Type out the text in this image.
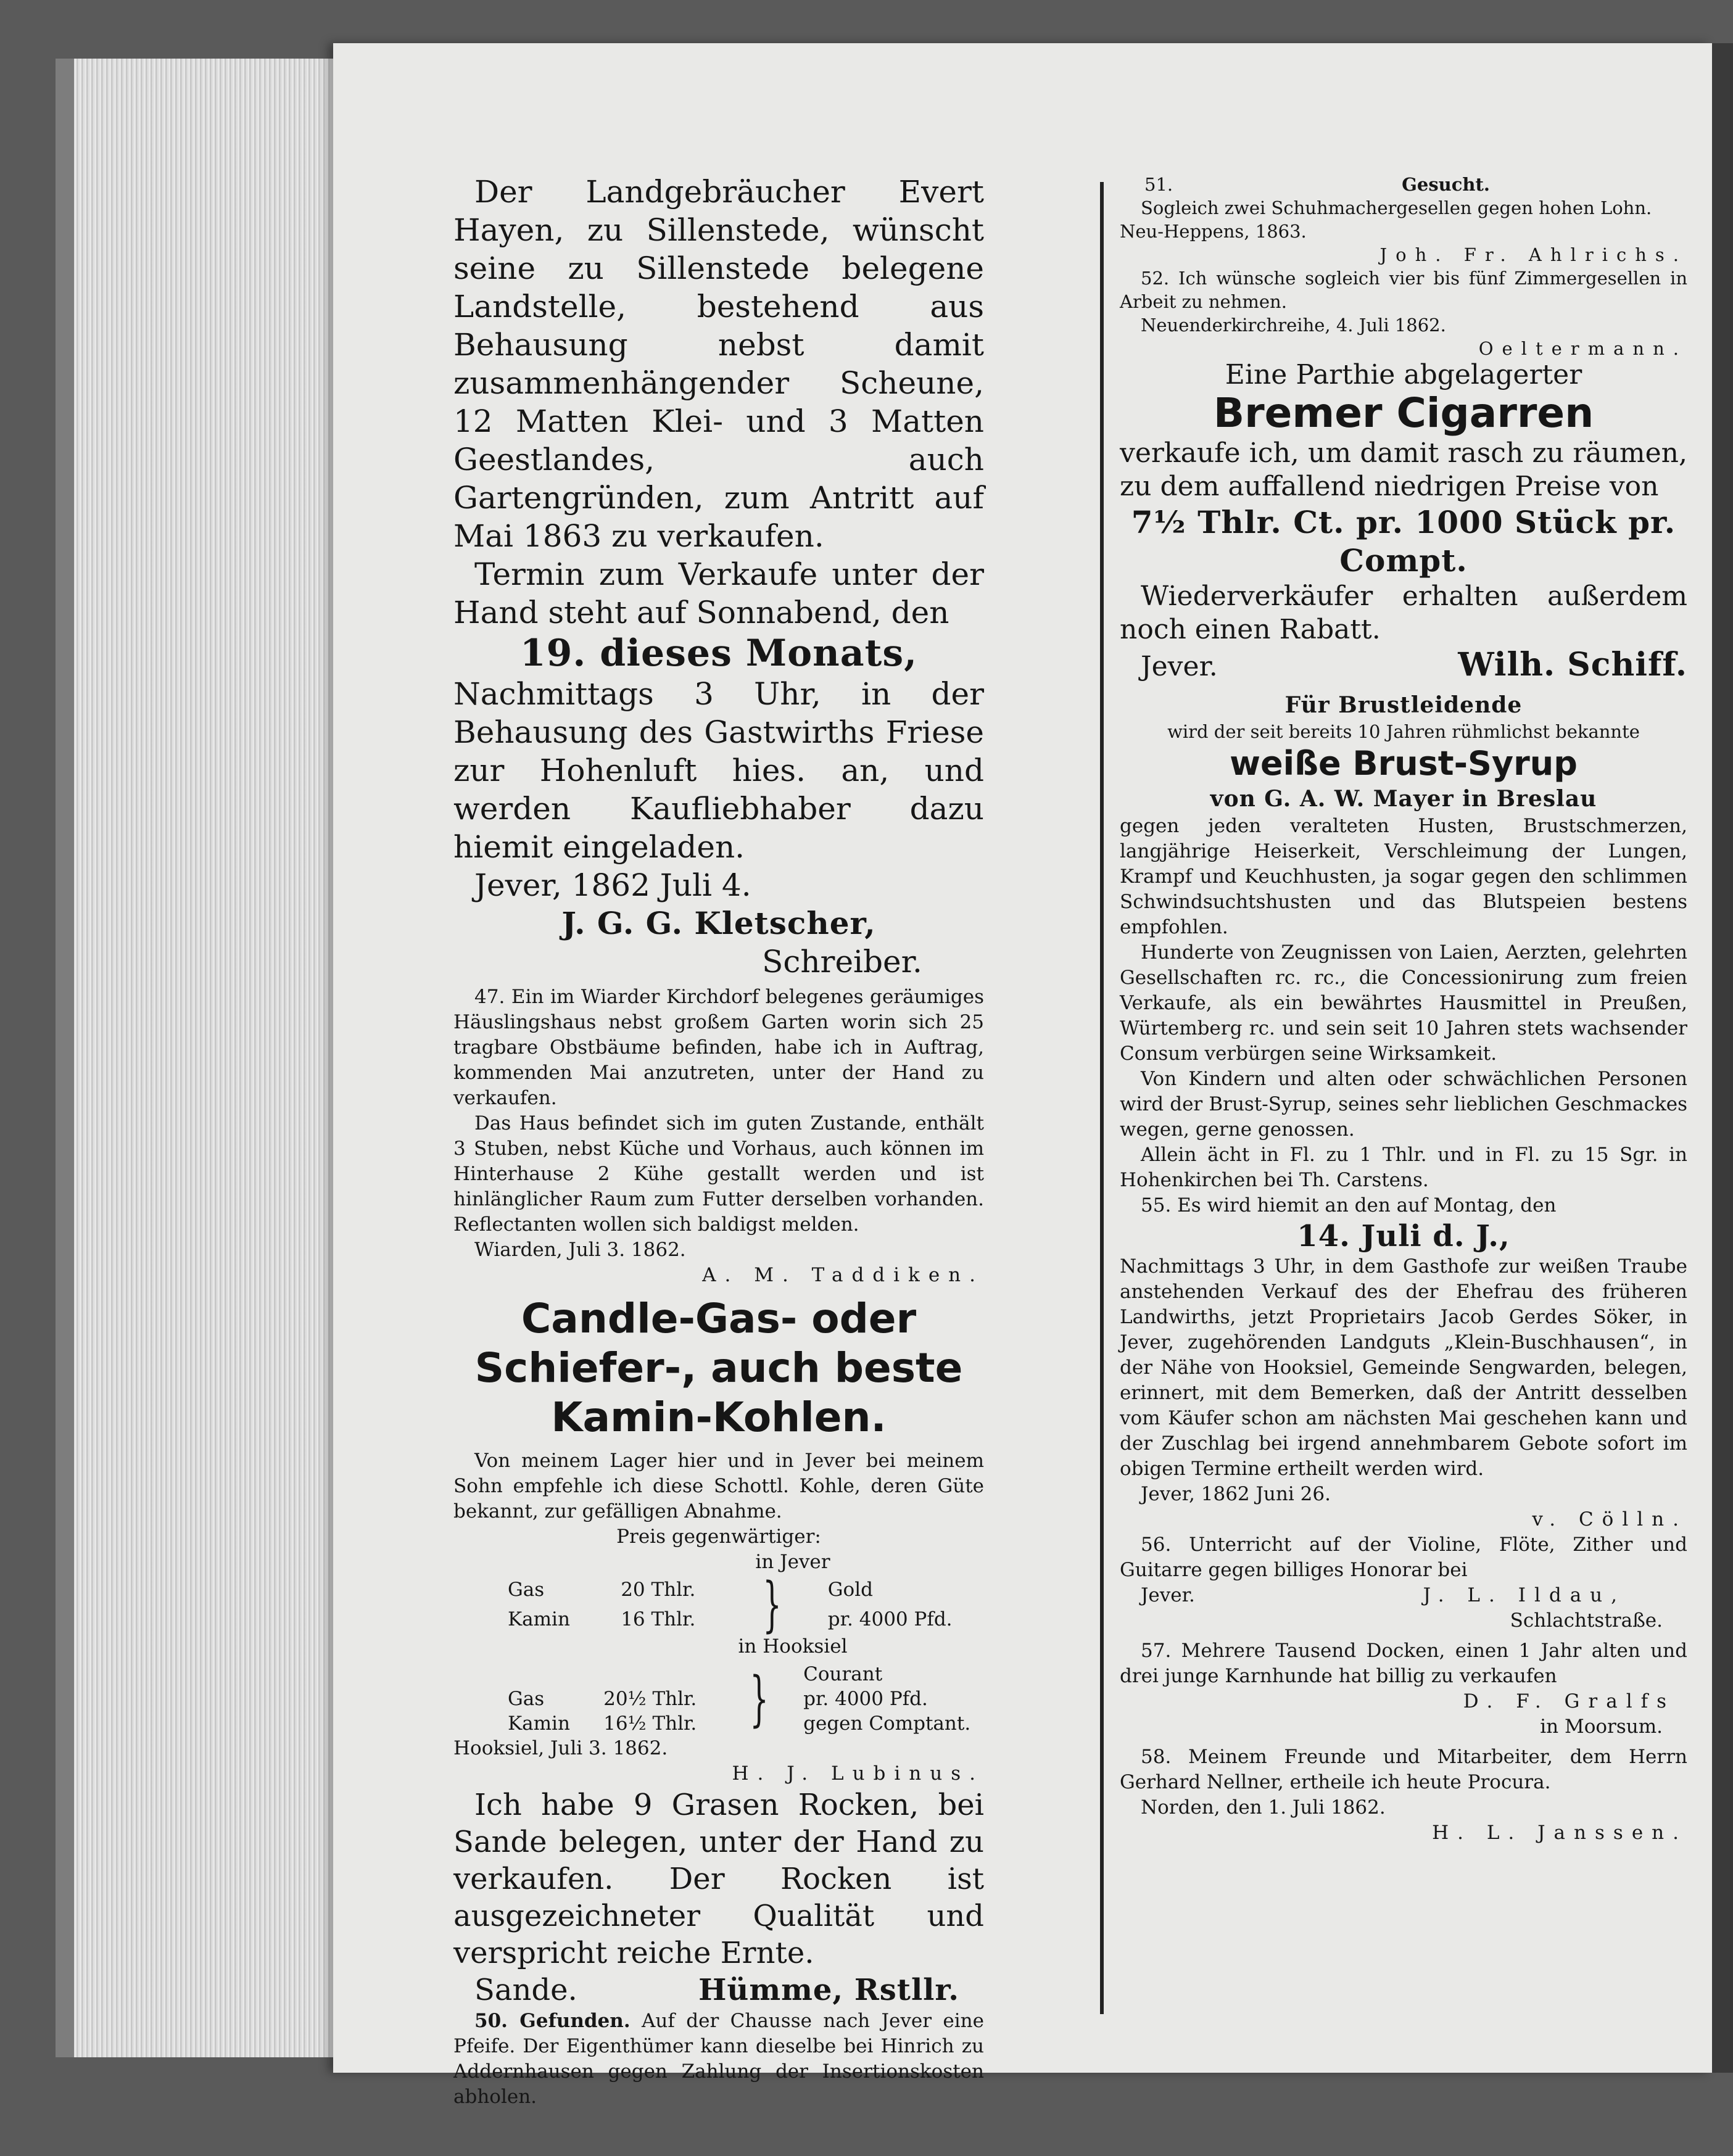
Der Landgebräucher Evert Hayen, zu Sillenstede, wünscht seine zu Sillenstede belegene Landstelle, bestehend aus Behausung nebst damit zusammenhängender Scheune, 12 Matten Klei- und 3 Matten Geestlandes, auch Gartengründen, zum Antritt auf Mai 1863 zu verkaufen.

Termin zum Verkaufe unter der Hand steht auf Sonnabend, den

19. dieses Monats,

Nachmittags 3 Uhr, in der Behausung des Gastwirths Friese zur Hohenluft hies. an, und werden Kaufliebhaber dazu hiemit eingeladen.

Jever, 1862 Juli 4.

J. G. G. Kletscher,

Schreiber.

47. Ein im Wiarder Kirchdorf belegenes geräumiges Häuslingshaus nebst großem Garten worin sich 25 tragbare Obstbäume befinden, habe ich in Auftrag, kommenden Mai anzutreten, unter der Hand zu verkaufen.

Das Haus befindet sich im guten Zustande, enthält 3 Stuben, nebst Küche und Vorhaus, auch können im Hinterhause 2 Kühe gestallt werden und ist hinlänglicher Raum zum Futter derselben vorhanden. Reflectanten wollen sich baldigst melden.

Wiarden, Juli 3. 1862.

A. M. Taddiken.

Candle-Gas- oder Schiefer-, auch beste Kamin-Kohlen.

Von meinem Lager hier und in Jever bei meinem Sohn empfehle ich diese Schottl. Kohle, deren Güte bekannt, zur gefälligen Abnahme.

Preis gegenwärtiger:

in Jever

Gas	20 Thlr.	}	Gold
Kamin	16 Thlr.		pr. 4000 Pfd.

in Hooksiel

		}	Courant
Gas	20½ Thlr.		pr. 4000 Pfd.
Kamin	16½ Thlr.		gegen Comptant.

Hooksiel, Juli 3. 1862.

H. J. Lubinus.

Ich habe 9 Grasen Rocken, bei Sande belegen, unter der Hand zu verkaufen. Der Rocken ist ausgezeichneter Qualität und verspricht reiche Ernte.

Sande.	Hümme, Rstllr.

50. Gefunden. Auf der Chausse nach Jever eine Pfeife. Der Eigenthümer kann dieselbe bei Hinrich zu Addernhausen gegen Zahlung der Insertionskosten abholen.

51.	Gesucht.

Sogleich zwei Schuhmachergesellen gegen hohen Lohn.

Neu-Heppens, 1863.

Joh. Fr. Ahlrichs.

52. Ich wünsche sogleich vier bis fünf Zimmergesellen in Arbeit zu nehmen.

Neuenderkirchreihe, 4. Juli 1862.

Oeltermann.

Eine Parthie abgelagerter

Bremer Cigarren

verkaufe ich, um damit rasch zu räumen, zu dem auffallend niedrigen Preise von

7½ Thlr. Ct. pr. 1000 Stück pr. Compt.

Wiederverkäufer erhalten außerdem noch einen Rabatt.

Jever.	Wilh. Schiff.

Für Brustleidende

wird der seit bereits 10 Jahren rühmlichst bekannte

weiße Brust-Syrup

von G. A. W. Mayer in Breslau

gegen jeden veralteten Husten, Brustschmerzen, langjährige Heiserkeit, Verschleimung der Lungen, Krampf und Keuchhusten, ja sogar gegen den schlimmen Schwindsuchtshusten und das Blutspeien bestens empfohlen.

Hunderte von Zeugnissen von Laien, Aerzten, gelehrten Gesellschaften rc. rc., die Concessionirung zum freien Verkaufe, als ein bewährtes Hausmittel in Preußen, Würtemberg rc. und sein seit 10 Jahren stets wachsender Consum verbürgen seine Wirksamkeit.

Von Kindern und alten oder schwächlichen Personen wird der Brust-Syrup, seines sehr lieblichen Geschmackes wegen, gerne genossen.

Allein ächt in Fl. zu 1 Thlr. und in Fl. zu 15 Sgr. in Hohenkirchen bei Th. Carstens.

55. Es wird hiemit an den auf Montag, den

14. Juli d. J.,

Nachmittags 3 Uhr, in dem Gasthofe zur weißen Traube anstehenden Verkauf des der Ehefrau des früheren Landwirths, jetzt Proprietairs Jacob Gerdes Söker, in Jever, zugehörenden Landguts „Klein-Buschhausen“, in der Nähe von Hooksiel, Gemeinde Sengwarden, belegen, erinnert, mit dem Bemerken, daß der Antritt desselben vom Käufer schon am nächsten Mai geschehen kann und der Zuschlag bei irgend annehmbarem Gebote sofort im obigen Termine ertheilt werden wird.

Jever, 1862 Juni 26.

v. Cölln.

56. Unterricht auf der Violine, Flöte, Zither und Guitarre gegen billiges Honorar bei

Jever.	J. L. Ildau,

Schlachtstraße.

57. Mehrere Tausend Docken, einen 1 Jahr alten und drei junge Karnhunde hat billig zu verkaufen

D. F. Gralfs

in Moorsum.

58. Meinem Freunde und Mitarbeiter, dem Herrn Gerhard Nellner, ertheile ich heute Procura.

Norden, den 1. Juli 1862.

H. L. Janssen.
